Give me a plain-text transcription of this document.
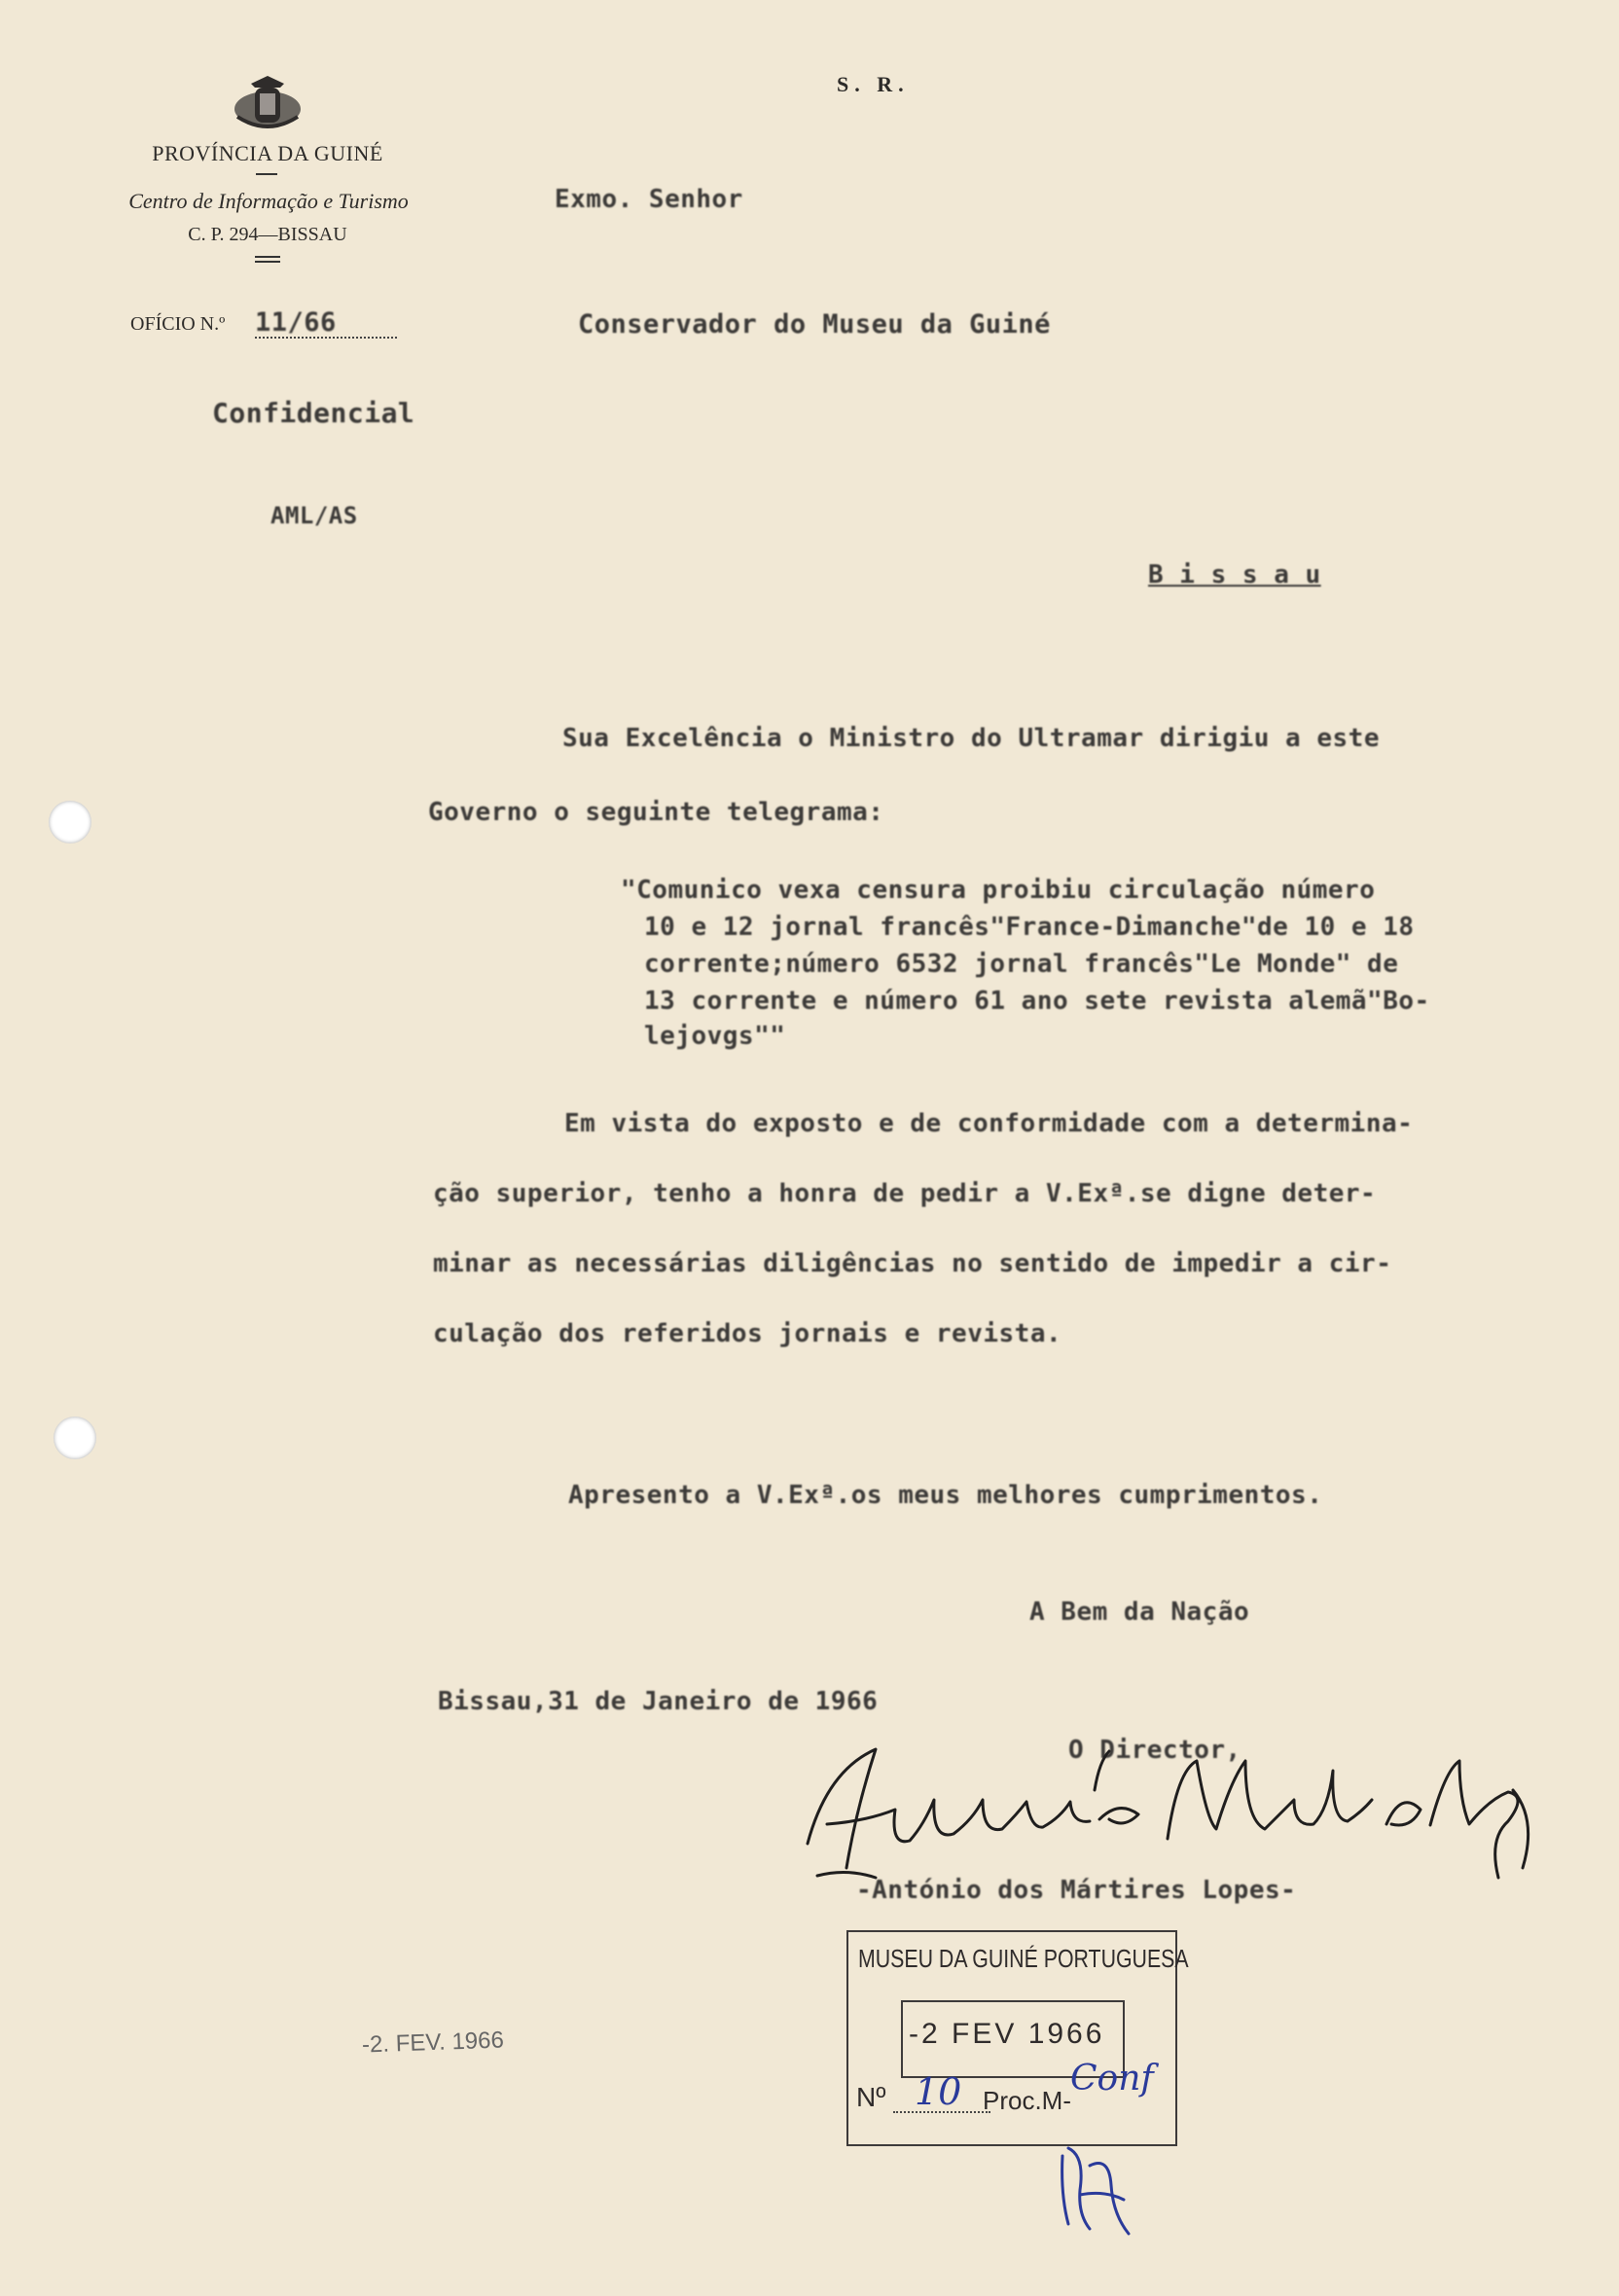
PROVÍNCIA DA GUINÉ
Centro de Informação e Turismo
C. P. 294—BISSAU
OFÍCIO N.º 11/66
Confidencial
AML/AS
S. R.
Exmo. Senhor
Conservador do Museu da Guiné
B i s s a u
Sua Excelência o Ministro do Ultramar dirigiu a este
Governo o seguinte telegrama:
"Comunico vexa censura proibiu circulação número
10 e 12 jornal francês"France-Dimanche"de 10 e 18
corrente;número 6532 jornal francês"Le Monde" de
13 corrente e número 61 ano sete revista alemã"Bo-
lejovgs""
Em vista do exposto e de conformidade com a determina-
ção superior, tenho a honra de pedir a V.Exª.se digne deter-
minar as necessárias diligências no sentido de impedir a cir-
culação dos referidos jornais e revista.
Apresento a V.Exª.os meus melhores cumprimentos.
A Bem da Nação
Bissau,31 de Janeiro de 1966
O Director,
-António dos Mártires Lopes-
-2. FEV. 1966
MUSEU DA GUINÉ PORTUGUESA
-2 FEV 1966
Nº 10 Proc.M-
Conf
